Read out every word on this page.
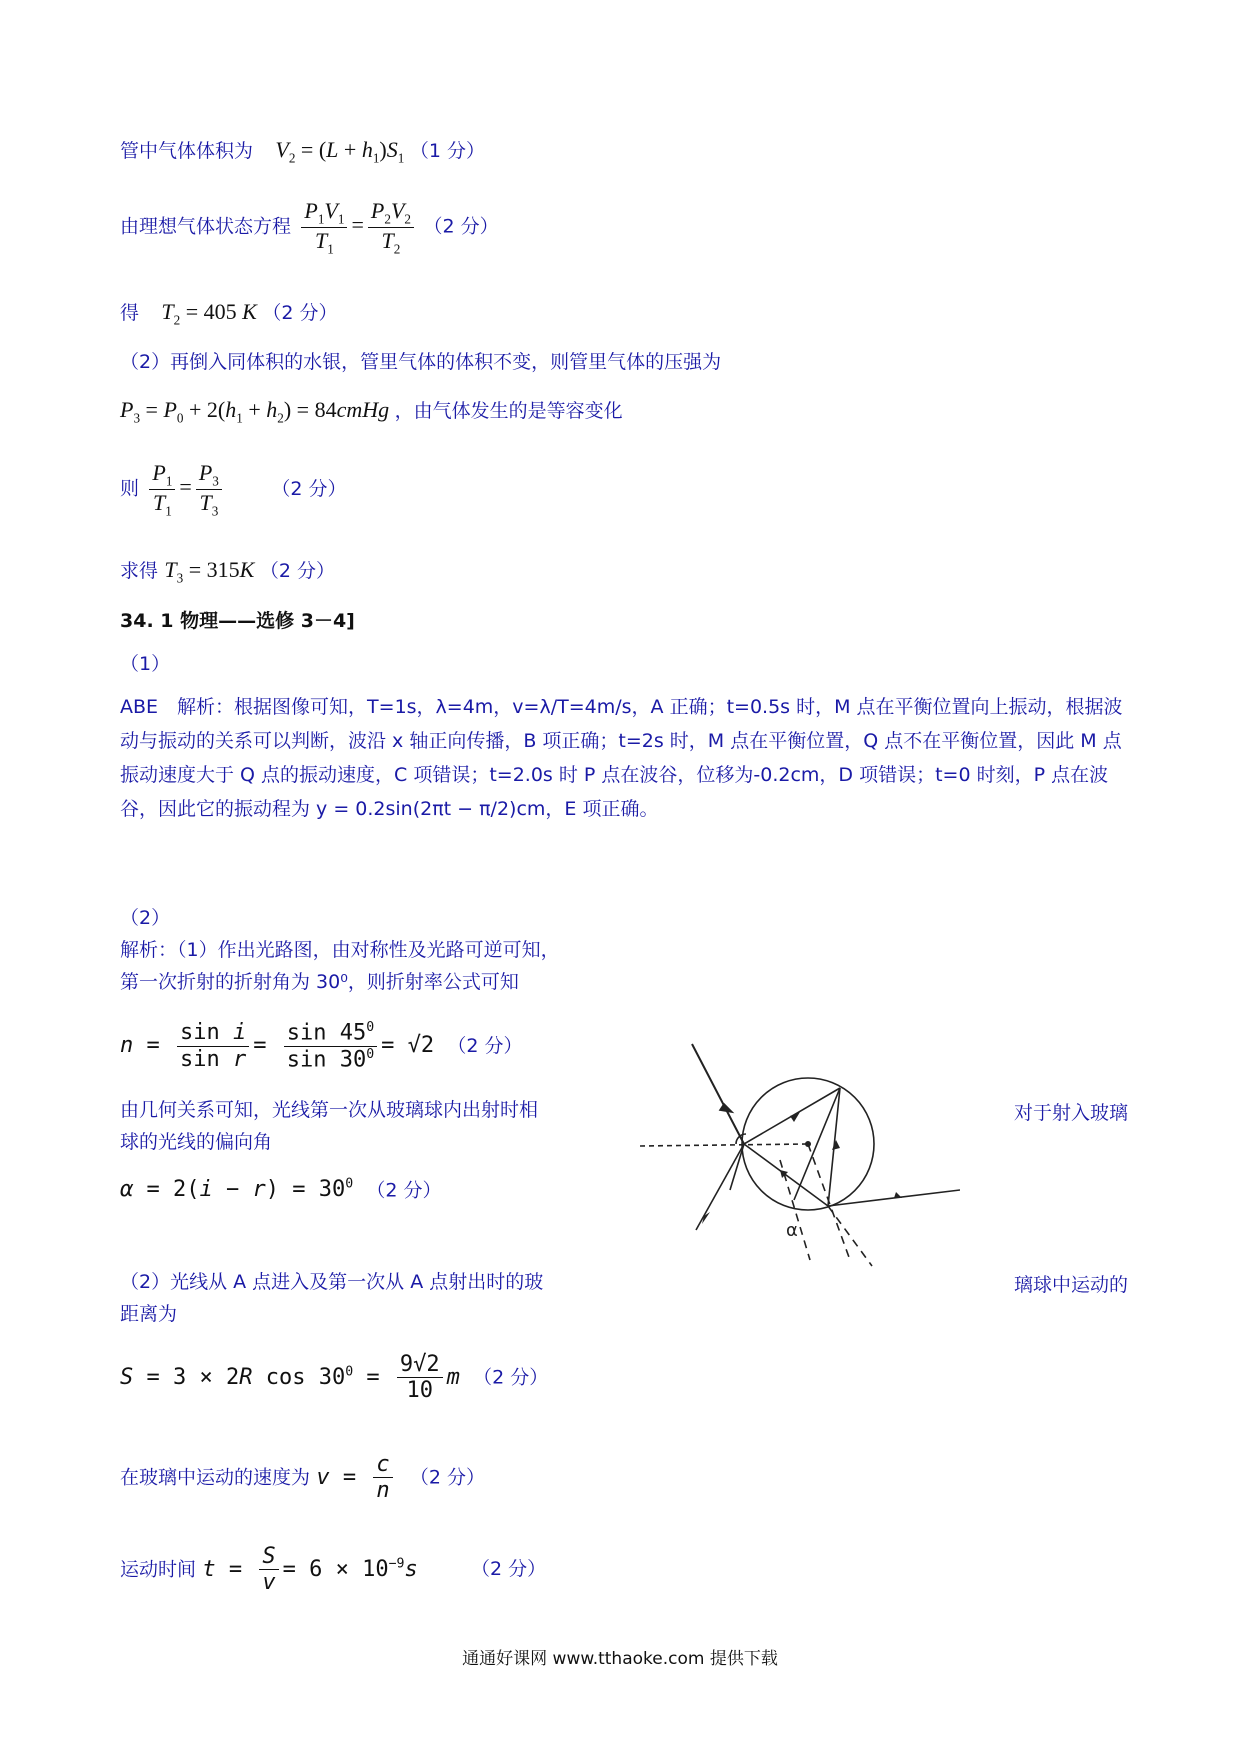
管中气体体积为 $V_2 = (L + h_1)S_1$ （1 分）
由理想气体状态方程 $\frac{P_1V_1}{T_1} = \frac{P_2V_2}{T_2} (2$ 分）
得 $T_2 = 405$ K （2 分）
（2）再倒入同体积的水银，管里气体的体积不变，则管里气体的压强为
$P_3 = P_0 + 2(h_1 + h_2)$ = 84cmHg ，由气体发生的是等容变化
则 $\frac{P_1}{T_1} = \frac{P_3}{T_3}$	（2 分）
求得 $T_3 = 315K$ （2 分）
34. 1 物理——选修 3－4]
（1）
ABE　解析：根据图像可知，T=1s，λ=4m，v=λ/T=4m/s，A 正确；t=0.5s 时，M 点在平衡位置向上振动，根据波动与振动的关系可以判断，波沿 x 轴正向传播，B 项正确；t=2s 时，M 点在平衡位置，Q 点不在平衡位置，因此 M 点振动速度大于 Q 点的振动速度，C 项错误；t=2.0s 时 P 点在波谷，位移为-0.2cm，D 项错误；t=0 时刻，P 点在波谷，因此它的振动程为 y = 0.2sin(2πt − π/2)cm，E 项正确。
（2）
解析：（1）作出光路图，由对称性及光路可逆可知，
第一次折射的折射角为 30⁰，则折射率公式可知
$n = \frac{\text{sin i}}{\text{sin r}} = \frac{\sin 45^0}{\sin 30^0} = √2$ （2 分）
由几何关系可知，光线第一次从玻璃球内出射时相	对于射入玻璃
球的光线的偏向角
$\alpha = 2(i - r) = 30^0$ （2 分）
α
（2）光线从 A 点进入及第一次从 A 点射出时的玻	璃球中运动的
距离为
S = 3 × 2R $\cos 30^0 = \frac{9√2}{10}$ m （2 分）
在玻璃中运动的速度为 $v = \frac{c}{n} (2$ 分）
运动时间 $t = \frac{S}{v} = 6 \times 10^{-9}s$	（2 分）
通通好课网 www.tthaoke.com 提供下载
